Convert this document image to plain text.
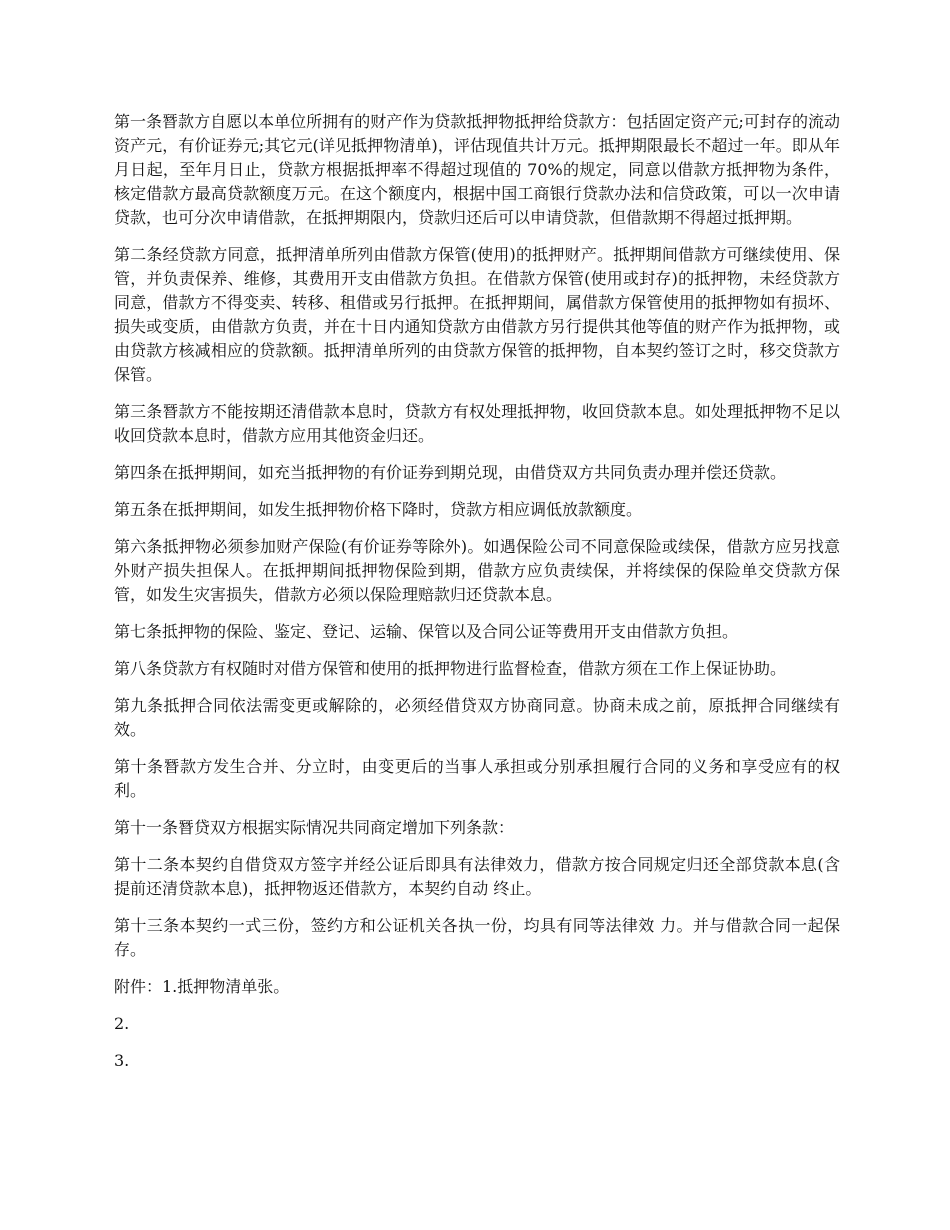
第一条朁款方自愿以本单位所拥有的财产作为贷款抵押物抵押给贷款方：包括固定资产元;可封存的流动资产元，有价证券元;其它元(详见抵押物清单)，评估现值共计万元。抵押期限最长不超过一年。即从年 月日起，至年月日止，贷款方根据抵押率不得超过现值的 70%的规定，同意以借款方抵押物为条件，核定借款方最高贷款额度万元。在这个额度内，根据中国工商银行贷款办法和信贷政策，可以一次申请贷款，也可分次申请借款，在抵押期限内，贷款归还后可以申请贷款，但借款期不得超过抵押期。

第二条经贷款方同意，抵押清单所列由借款方保管(使用)的抵押财产。抵押期间借款方可继续使用、保管，并负责保养、维修，其费用开支由借款方负担。在借款方保管(使用或封存)的抵押物，未经贷款方同意，借款方不得变卖、转移、租借或另行抵押。在抵押期间，属借款方保管使用的抵押物如有损坏、损失或变质，由借款方负责，并在十日内通知贷款方由借款方另行提供其他等值的财产作为抵押物，或由贷款方核减相应的贷款额。抵押清单所列的由贷款方保管的抵押物，自本契约签订之时，移交贷款方保管。

第三条朁款方不能按期还清借款本息时，贷款方有权处理抵押物，收回贷款本息。如处理抵押物不足以收回贷款本息时，借款方应用其他资金归还。

第四条在抵押期间，如充当抵押物的有价证券到期兑现，由借贷双方共同负责办理并偿还贷款。

第五条在抵押期间，如发生抵押物价格下降时，贷款方相应调低放款额度。

第六条抵押物必须参加财产保险(有价证券等除外)。如遇保险公司不同意保险或续保，借款方应另找意外财产损失担保人。在抵押期间抵押物保险到期，借款方应负责续保，并将续保的保险单交贷款方保管，如发生灾害损失，借款方必须以保险理赔款归还贷款本息。

第七条抵押物的保险、鉴定、登记、运输、保管以及合同公证等费用开支由借款方负担。

第八条贷款方有权随时对借方保管和使用的抵押物进行监督检查，借款方须在工作上保证协助。

第九条抵押合同依法需变更或解除的，必须经借贷双方协商同意。协商未成之前，原抵押合同继续有效。

第十条朁款方发生合并、分立时，由变更后的当事人承担或分别承担履行合同的义务和享受应有的权利。

第十一条朁贷双方根据实际情况共同商定增加下列条款：

第十二条本契约自借贷双方签字并经公证后即具有法律效力，借款方按合同规定归还全部贷款本息(含提前还清贷款本息)，抵押物返还借款方，本契约自动 终止。

第十三条本契约一式三份，签约方和公证机关各执一份，均具有同等法律效 力。并与借款合同一起保存。

附件：1.抵押物清单张。

2.

3.
